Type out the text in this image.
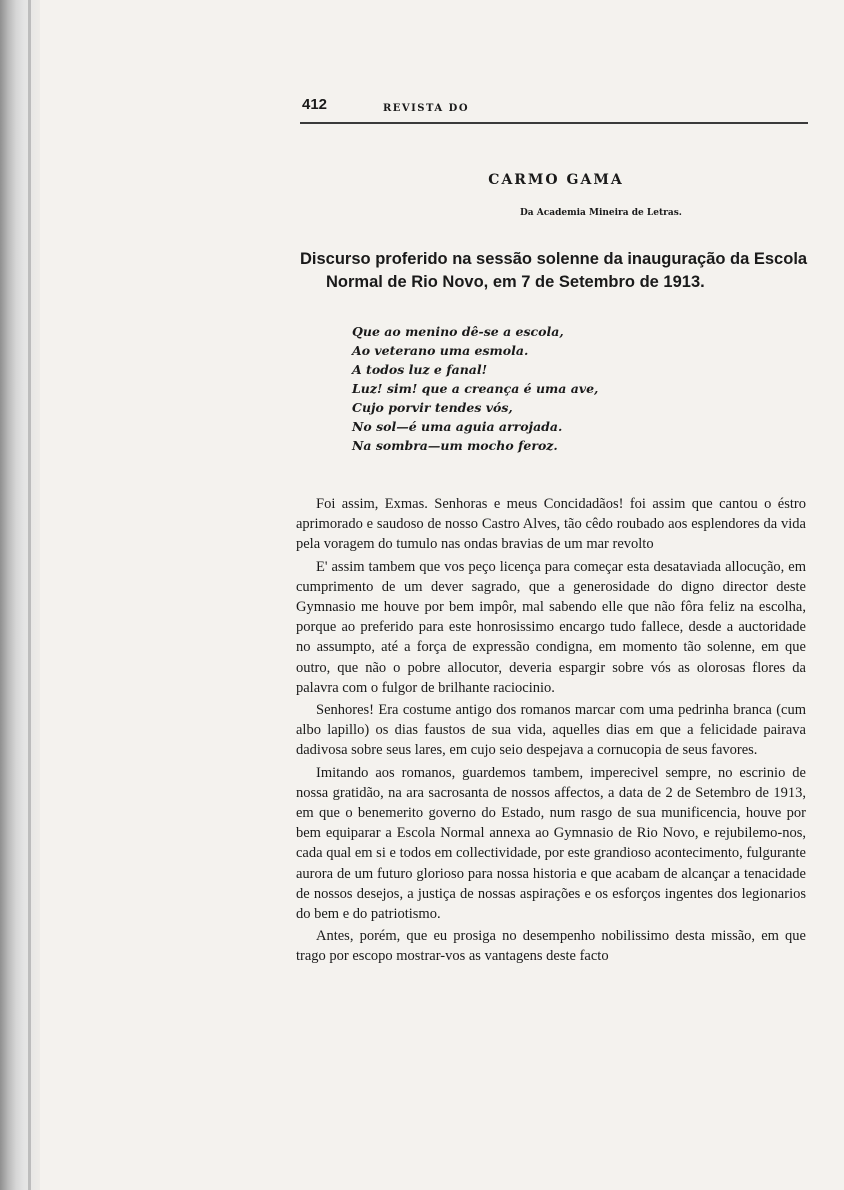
412	REVISTA DO
CARMO GAMA
Da Academia Mineira de Letras.
Discurso proferido na sessão solenne da inauguração da Escola
Normal de Rio Novo, em 7 de Setembro de 1913.
Que ao menino dê-se a escola,
Ao veterano uma esmola.
A todos luz e fanal!
Luz! sim! que a creança é uma ave,
Cujo porvir tendes vós,
No sol—é uma aguia arrojada.
Na sombra—um mocho feroz.

Foi assim, Exmas. Senhoras e meus Concidadãos! foi assim que cantou o éstro aprimorado e saudoso de nosso Castro Alves, tão cêdo roubado aos esplendores da vida pela voragem do tumulo nas ondas bravias de um mar revolto

E' assim tambem que vos peço licença para começar esta desataviada allocução, em cumprimento de um dever sagrado, que a generosidade do digno director deste Gymnasio me houve por bem impôr, mal sabendo elle que não fôra feliz na escolha, porque ao preferido para este honrosissimo encargo tudo fallece, desde a auctoridade no assumpto, até a força de expressão condigna, em momento tão solenne, em que outro, que não o pobre allocutor, deveria espargir sobre vós as olorosas flores da palavra com o fulgor de brilhante raciocinio.

Senhores! Era costume antigo dos romanos marcar com uma pedrinha branca (cum albo lapillo) os dias faustos de sua vida, aquelles dias em que a felicidade pairava dadivosa sobre seus lares, em cujo seio despejava a cornucopia de seus favores.

Imitando aos romanos, guardemos tambem, imperecivel sempre, no escrinio de nossa gratidão, na ara sacrosanta de nossos affectos, a data de 2 de Setembro de 1913, em que o benemerito governo do Estado, num rasgo de sua munificencia, houve por bem equiparar a Escola Normal annexa ao Gymnasio de Rio Novo, e rejubilemo-nos, cada qual em si e todos em collectividade, por este grandioso acontecimento, fulgurante aurora de um futuro glorioso para nossa historia e que acabam de alcançar a tenacidade de nossos desejos, a justiça de nossas aspirações e os esforços ingentes dos legionarios do bem e do patriotismo.

Antes, porém, que eu prosiga no desempenho nobilissimo desta missão, em que trago por escopo mostrar-vos as vantagens deste facto
